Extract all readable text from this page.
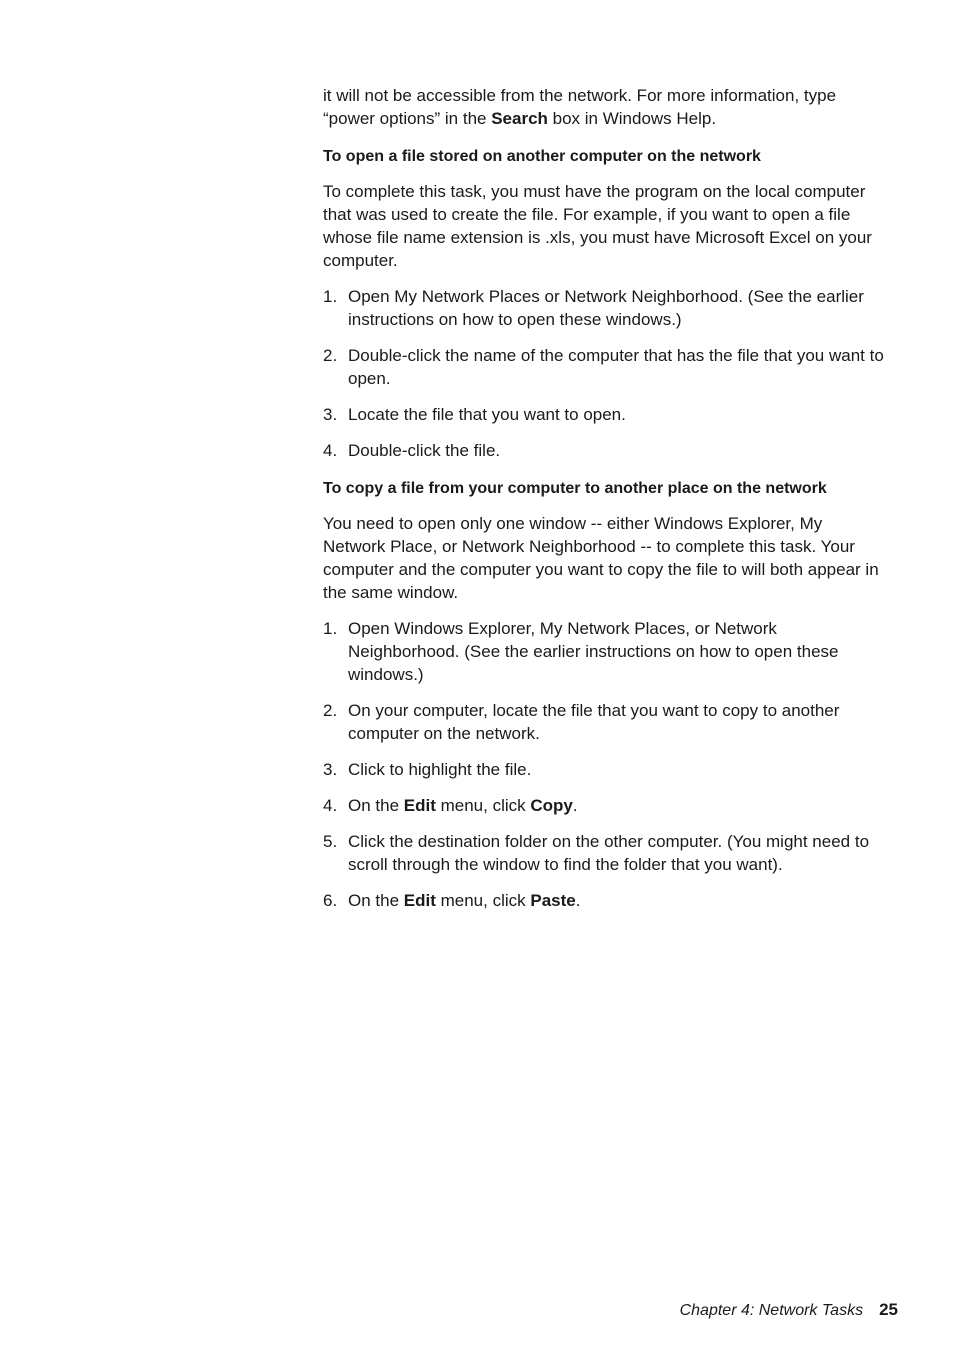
it will not be accessible from the network. For more information, type “power options” in the Search box in Windows Help.

To open a file stored on another computer on the network

To complete this task, you must have the program on the local computer that was used to create the file. For example, if you want to open a file whose file name extension is .xls, you must have Microsoft Excel on your computer.

1. Open My Network Places or Network Neighborhood. (See the earlier instructions on how to open these windows.)
2. Double-click the name of the computer that has the file that you want to open.
3. Locate the file that you want to open.
4. Double-click the file.
To copy a file from your computer to another place on the network

You need to open only one window -- either Windows Explorer, My Network Place, or Network Neighborhood -- to complete this task. Your computer and the computer you want to copy the file to will both appear in the same window.

1. Open Windows Explorer, My Network Places, or Network Neighborhood. (See the earlier instructions on how to open these windows.)
2. On your computer, locate the file that you want to copy to another computer on the network.
3. Click to highlight the file.
4. On the Edit menu, click Copy.
5. Click the destination folder on the other computer. (You might need to scroll through the window to find the folder that you want).
6. On the Edit menu, click Paste.
Chapter 4: Network Tasks 25
